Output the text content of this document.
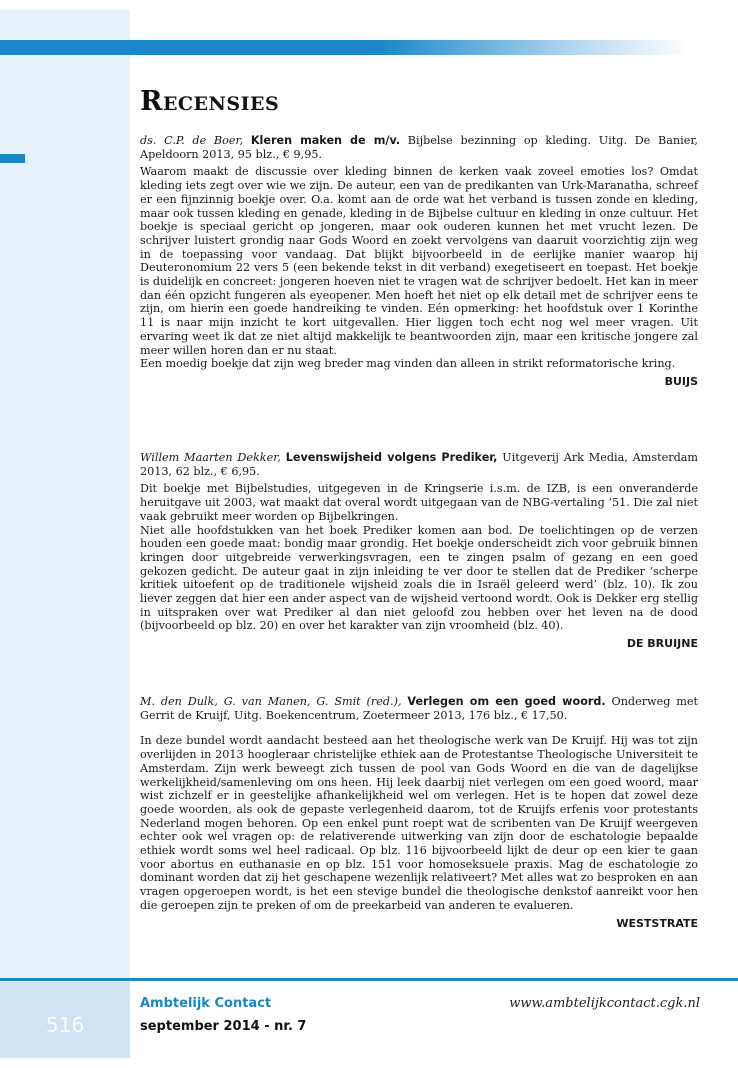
Recensies

ds. C.P. de Boer, Kleren maken de m/v. Bijbelse bezinning op kleding. Uitg. De Banier, Apeldoorn 2013, 95 blz., € 9,95.

Waarom maakt de discussie over kleding binnen de kerken vaak zoveel emoties los? Omdat kleding iets zegt over wie we zijn. De auteur, een van de predikanten van Urk-Maranatha, schreef er een fijnzinnig boekje over. O.a. komt aan de orde wat het verband is tussen zonde en kleding, maar ook tussen kleding en genade, kleding in de Bijbelse cultuur en kleding in onze cultuur. Het boekje is speciaal gericht op jongeren, maar ook ouderen kunnen het met vrucht lezen. De schrijver luistert grondig naar Gods Woord en zoekt vervolgens van daaruit voorzichtig zijn weg in de toepassing voor vandaag. Dat blijkt bijvoorbeeld in de eerlijke manier waarop hij Deuteronomium 22 vers 5 (een bekende tekst in dit verband) exegetiseert en toepast. Het boekje is duidelijk en concreet: jongeren hoeven niet te vragen wat de schrijver bedoelt. Het kan in meer dan één opzicht fungeren als eyeopener. Men hoeft het niet op elk detail met de schrijver eens te zijn, om hierin een goede handreiking te vinden. Eén opmerking: het hoofdstuk over 1 Korinthe 11 is naar mijn inzicht te kort uitgevallen. Hier liggen toch echt nog wel meer vragen. Uit ervaring weet ik dat ze niet altijd makkelijk te beantwoorden zijn, maar een kritische jongere zal meer willen horen dan er nu staat.

Een moedig boekje dat zijn weg breder mag vinden dan alleen in strikt reformatorische kring.

BUIJS

Willem Maarten Dekker, Levenswijsheid volgens Prediker, Uitgeverij Ark Media, Amsterdam 2013, 62 blz., € 6,95.

Dit boekje met Bijbelstudies, uitgegeven in de Kringserie i.s.m. de IZB, is een onveranderde heruitgave uit 2003, wat maakt dat overal wordt uitgegaan van de NBG-vertaling ’51. Die zal niet vaak gebruikt meer worden op Bijbelkringen.

Niet alle hoofdstukken van het boek Prediker komen aan bod. De toelichtingen op de verzen houden een goede maat: bondig maar grondig. Het boekje onderscheidt zich voor gebruik binnen kringen door uitgebreide verwerkingsvragen, een te zingen psalm of gezang en een goed gekozen gedicht. De auteur gaat in zijn inleiding te ver door te stellen dat de Prediker ‘scherpe kritiek uitoefent op de traditionele wijsheid zoals die in Israël geleerd werd’ (blz. 10). Ik zou liever zeggen dat hier een ander aspect van de wijsheid vertoond wordt. Ook is Dekker erg stellig in uitspraken over wat Prediker al dan niet geloofd zou hebben over het leven na de dood (bijvoorbeeld op blz. 20) en over het karakter van zijn vroomheid (blz. 40).

DE BRUIJNE

M. den Dulk, G. van Manen, G. Smit (red.), Verlegen om een goed woord. Onderweg met Gerrit de Kruijf, Uitg. Boekencentrum, Zoetermeer 2013, 176 blz., € 17,50.

In deze bundel wordt aandacht besteed aan het theologische werk van De Kruijf. Hij was tot zijn overlijden in 2013 hoogleraar christelijke ethiek aan de Protestantse Theologische Universiteit te Amsterdam. Zijn werk beweegt zich tussen de pool van Gods Woord en die van de dagelijkse werkelijkheid/samenleving om ons heen. Hij leek daarbij niet verlegen om een goed woord, maar wist zichzelf er in geestelijke afhankelijkheid wel om verlegen. Het is te hopen dat zowel deze goede woorden, als ook de gepaste verlegenheid daarom, tot de Kruijfs erfenis voor protestants Nederland mogen behoren. Op een enkel punt roept wat de scribenten van De Kruijf weergeven echter ook wel vragen op: de relativerende uitwerking van zijn door de eschatologie bepaalde ethiek wordt soms wel heel radicaal. Op blz. 116 bijvoorbeeld lijkt de deur op een kier te gaan voor abortus en euthanasie en op blz. 151 voor homoseksuele praxis. Mag de eschatologie zo dominant worden dat zij het geschapene wezenlijk relativeert? Met alles wat zo besproken en aan vragen opgeroepen wordt, is het een stevige bundel die theologische denkstof aanreikt voor hen die geroepen zijn te preken of om de preekarbeid van anderen te evalueren.

WESTSTRATE

Ambtelijk Contact
september 2014 - nr. 7
www.ambtelijkcontact.cgk.nl
516
